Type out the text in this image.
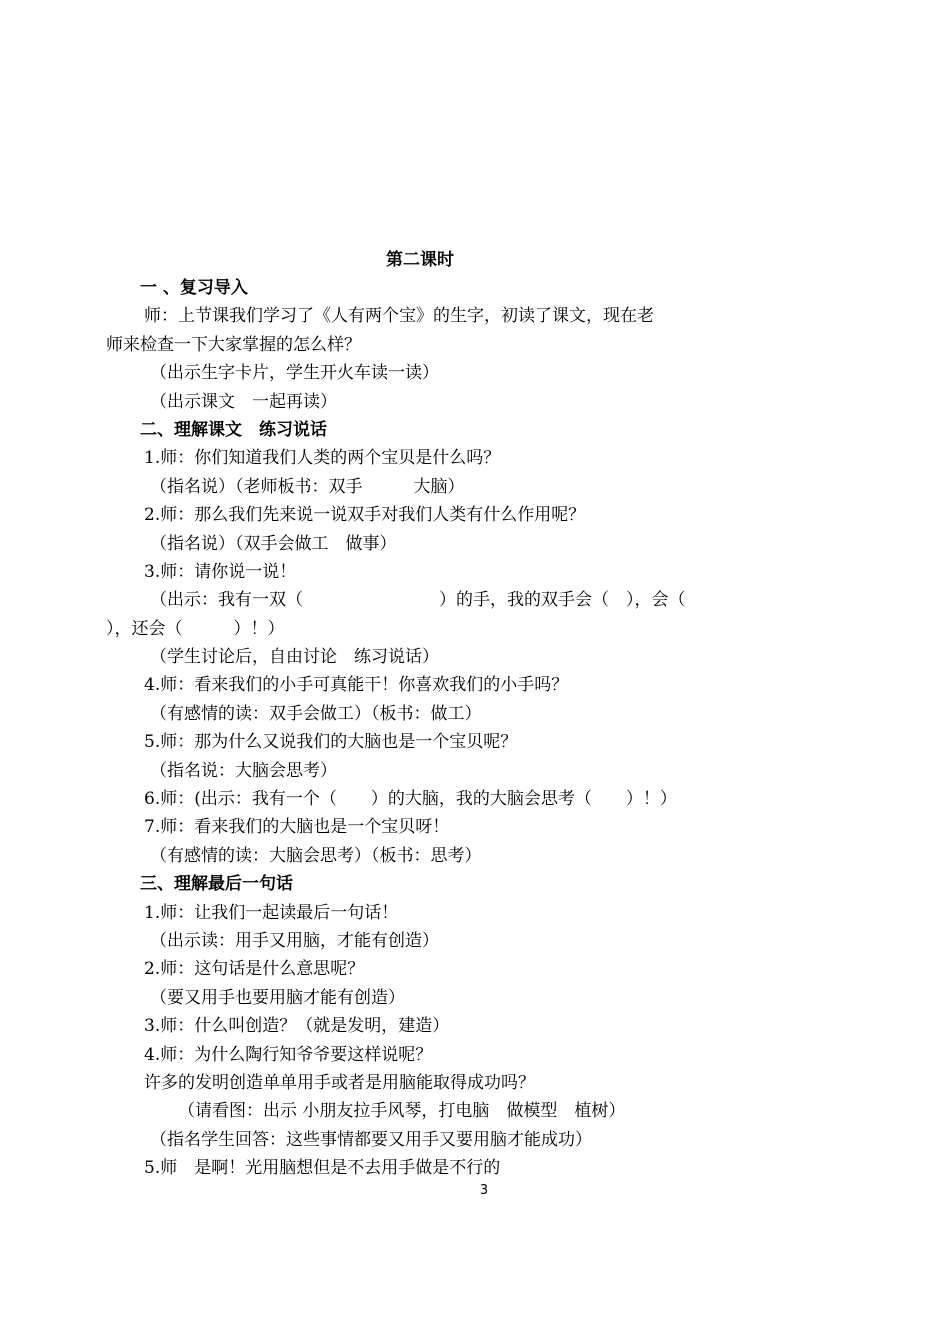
第二课时
一 、复习导入
师：上节课我们学习了《人有两个宝》的生字，初读了课文，现在老
师来检查一下大家掌握的怎么样？
（出示生字卡片，学生开火车读一读）
（出示课文　一起再读）
二、理解课文　练习说话
1.师：你们知道我们人类的两个宝贝是什么吗？
（指名说）（老师板书：双手　　　大脑）
2.师：那么我们先来说一说双手对我们人类有什么作用呢？
（指名说）（双手会做工　做事）
3.师：请你说一说！
（出示：我有一双（　　　　　　　　）的手，我的双手会（　），会（
），还会（　　　）！）
（学生讨论后，自由讨论　练习说话）
4.师：看来我们的小手可真能干！你喜欢我们的小手吗？
（有感情的读：双手会做工）（板书：做工）
5.师：那为什么又说我们的大脑也是一个宝贝呢？
（指名说：大脑会思考）
6.师：(出示：我有一个（　　）的大脑，我的大脑会思考（　　）！）
7.师：看来我们的大脑也是一个宝贝呀！
（有感情的读：大脑会思考）（板书：思考）
三、理解最后一句话
1.师：让我们一起读最后一句话！
（出示读：用手又用脑，才能有创造）
2.师：这句话是什么意思呢？
（要又用手也要用脑才能有创造）
3.师：什么叫创造？（就是发明，建造）
4.师：为什么陶行知爷爷要这样说呢？
许多的发明创造单单用手或者是用脑能取得成功吗？
（请看图：出示 小朋友拉手风琴，打电脑　做模型　植树）
（指名学生回答：这些事情都要又用手又要用脑才能成功）
5.师　是啊！光用脑想但是不去用手做是不行的
3
